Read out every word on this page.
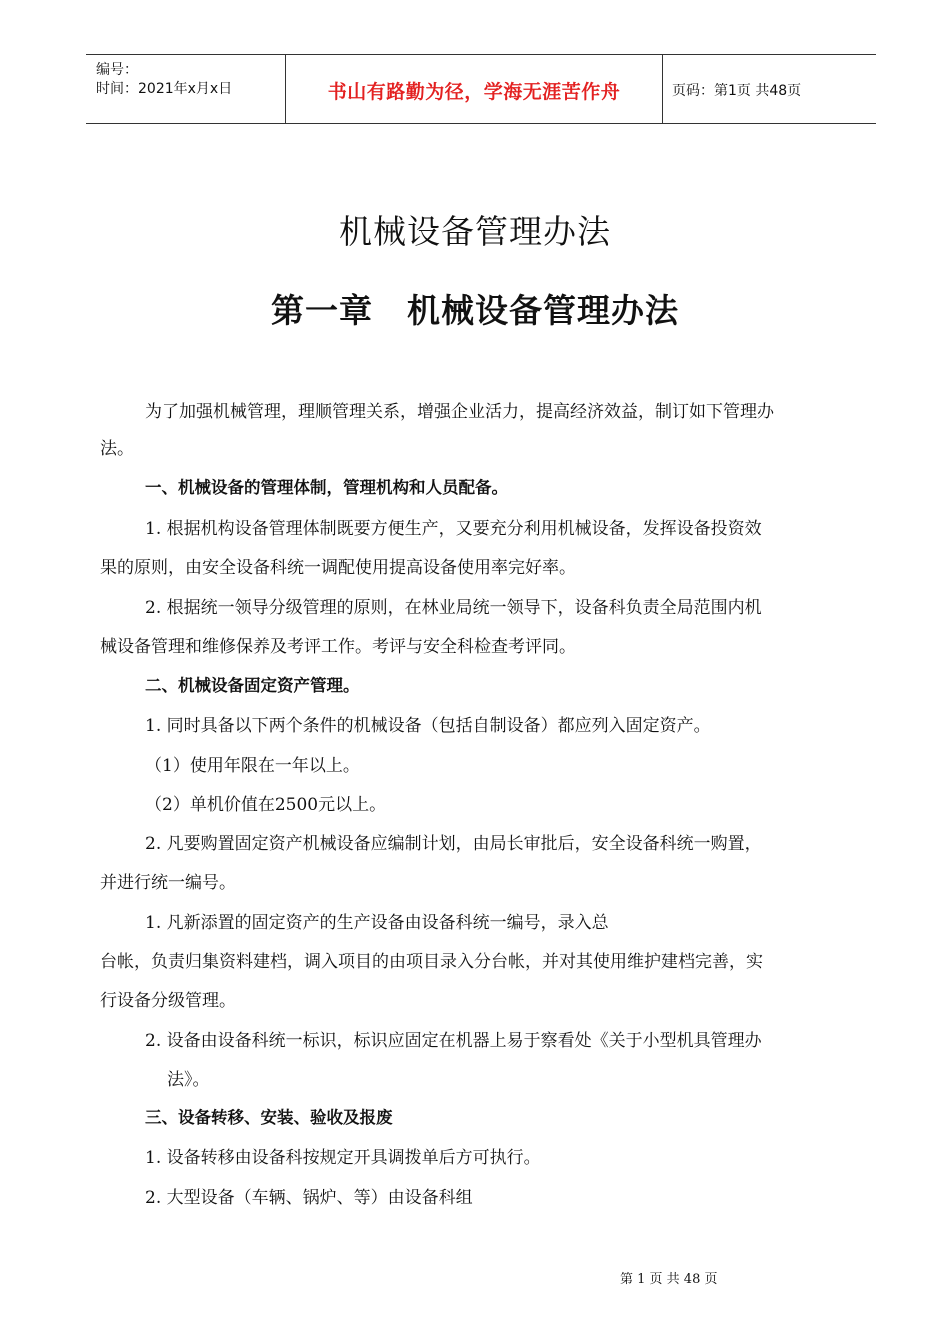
编号：
时间：2021年x月x日	书山有路勤为径，学海无涯苦作舟	页码：第1页 共48页
机械设备管理办法
第一章　机械设备管理办法
为了加强机械管理，理顺管理关系，增强企业活力，提高经济效益，制订如下管理办
法。
一、机械设备的管理体制，管理机构和人员配备。
1. 根据机构设备管理体制既要方便生产，又要充分利用机械设备，发挥设备投资效
果的原则，由安全设备科统一调配使用提高设备使用率完好率。
2. 根据统一领导分级管理的原则，在林业局统一领导下，设备科负责全局范围内机
械设备管理和维修保养及考评工作。考评与安全科检查考评同。
二、机械设备固定资产管理。
1. 同时具备以下两个条件的机械设备（包括自制设备）都应列入固定资产。
（1）使用年限在一年以上。
（2）单机价值在2500元以上。
2. 凡要购置固定资产机械设备应编制计划，由局长审批后，安全设备科统一购置，
并进行统一编号。
1. 凡新添置的固定资产的生产设备由设备科统一编号，录入总
台帐，负责归集资料建档，调入项目的由项目录入分台帐，并对其使用维护建档完善，实
行设备分级管理。
2. 设备由设备科统一标识，标识应固定在机器上易于察看处《关于小型机具管理办
法》。
三、设备转移、安装、验收及报废
1. 设备转移由设备科按规定开具调拨单后方可执行。
2. 大型设备（车辆、锅炉、等）由设备科组
第 1 页 共 48 页
